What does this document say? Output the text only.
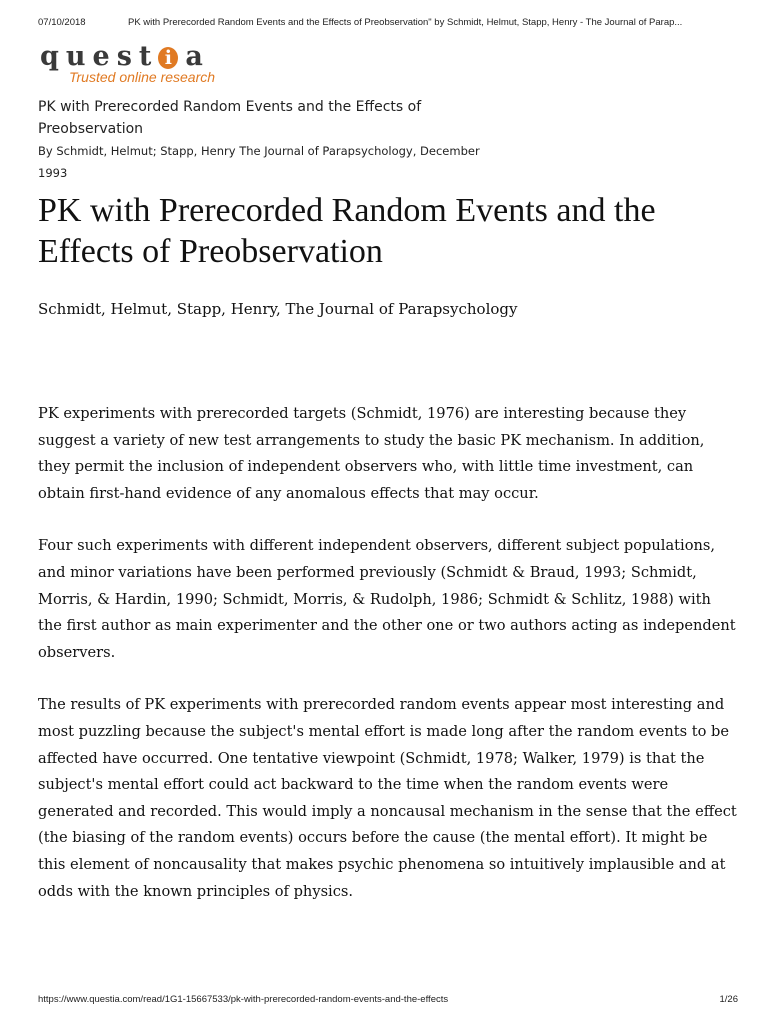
07/10/2018	PK with Prerecorded Random Events and the Effects of Preobservation" by Schmidt, Helmut, Stapp, Henry - The Journal of Parap...
quest i a
Trusted online research
PK with Prerecorded Random Events and the Effects of Preobservation
By Schmidt, Helmut; Stapp, Henry The Journal of Parapsychology, December 1993
PK with Prerecorded Random Events and the Effects of Preobservation
Schmidt, Helmut, Stapp, Henry, The Journal of Parapsychology

PK experiments with prerecorded targets (Schmidt, 1976) are interesting because they suggest a variety of new test arrangements to study the basic PK mechanism. In addition, they permit the inclusion of independent observers who, with little time investment, can obtain first-hand evidence of any anomalous effects that may occur.

Four such experiments with different independent observers, different subject populations, and minor variations have been performed previously (Schmidt & Braud, 1993; Schmidt, Morris, & Hardin, 1990; Schmidt, Morris, & Rudolph, 1986; Schmidt & Schlitz, 1988) with the first author as main experimenter and the other one or two authors acting as independent observers.

The results of PK experiments with prerecorded random events appear most interesting and most puzzling because the subject's mental effort is made long after the random events to be affected have occurred. One tentative viewpoint (Schmidt, 1978; Walker, 1979) is that the subject's mental effort could act backward to the time when the random events were generated and recorded. This would imply a noncausal mechanism in the sense that the effect (the biasing of the random events) occurs before the cause (the mental effort). It might be this element of noncausality that makes psychic phenomena so intuitively implausible and at odds with the known principles of physics.

https://www.questia.com/read/1G1-15667533/pk-with-prerecorded-random-events-and-the-effects	1/26
